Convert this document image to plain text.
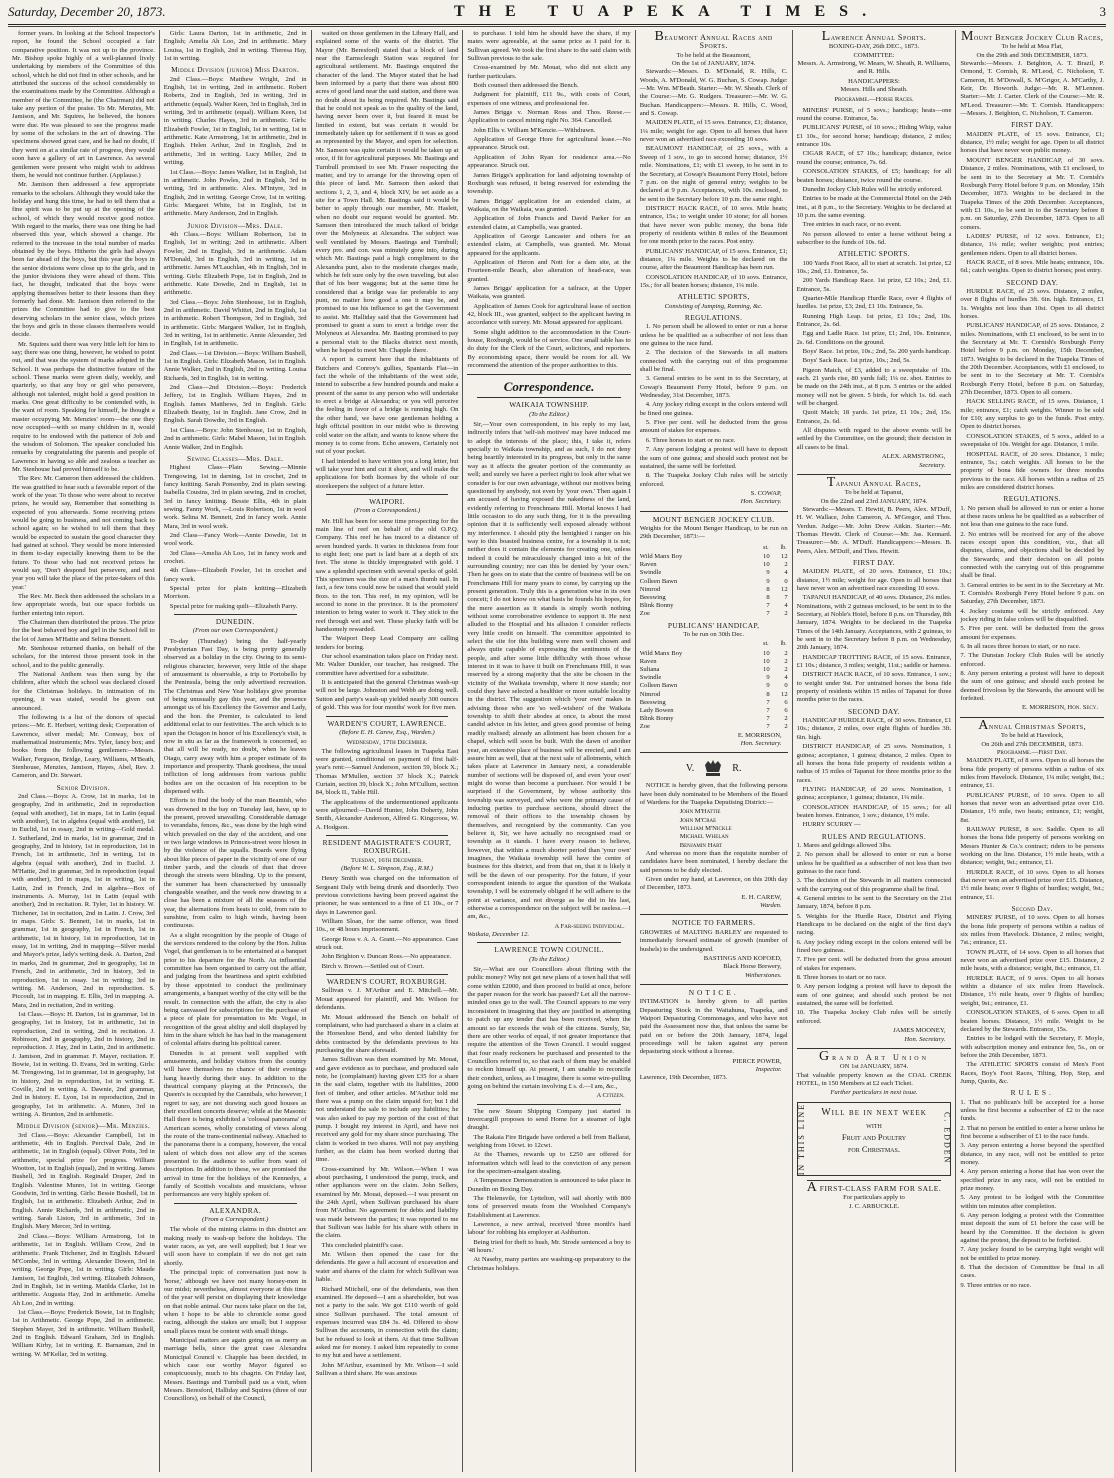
Saturday, December 20, 1873.	THE TUAPEKA TIMES.	3

former years. In looking at the School Inspector's report, he found the School occupied a fair comparative position. It was not up to the province. Mr. Bishop spoke highly of a well-planned lively undertaking by members of the Committee of this school, which he did not find in other schools, and he attributed the success of the school considerably to the examinations made by the Committee. Although a member of the Committee, he (the Chairman) did not take any portion of the praise. To Mr. Menzies, Mr. Jamison, and Mr. Squires, he believed, the honors were due. He was pleased to see the progress made by some of the scholars in the art of drawing. The specimens showed great care, and he had no doubt, if they went on at a similar rate of progress, they would soon have a gallery of art in Lawrence. As several gentlemen were present who might wish to address them, he would not continue further. (Applause.)

Mr. Jamison then addressed a few appropriate remarks to the scholars. Although they would take the holiday and hung this time, he had to tell them that a fine spirit was to be put up at the opening of the school, of which they would receive good notice. With regard to the marks, there was one thing he had observed this year, which showed a change. He referred to the increase in the total number of marks obtained by the boys. Hitherto the girls had always been far ahead of the boys, but this year the boys in the senior divisions were close up to the girls, and in the junior divisions they were ahead of them. This fact, he thought, indicated that the boys were applying themselves better to their lessons than they formerly had done. Mr. Jamison then referred to the prizes the Committee had to give to the best deserving scholars in the senior class, which prizes the boys and girls in those classes themselves would decide.

Mr. Squires said there was very little left for him to say; there was one thing, however, he wished to point out, and that was the system of marks adopted in the School. It was perhaps the distinctive feature of the school. These marks were given daily, weekly, and quarterly, so that any boy or girl who persevere, although not talented, might hold a good position in marks. One great difficulty to be contended with, is the want of room. Speaking for himself, he thought a master occupying Mr. Menzies' room—the one they now occupied—with so many children in it, would require to be endowed with the patience of Job and the wisdom of Solomon. The speaker concluded his remarks by congratulating the parents and people of Lawrence in having so able and zealous a teacher as Mr. Stenhouse had proved himself to be.

The Rev. Mr. Cameron then addressed the children. He was gratified to hear such a favorable report of the work of the year. To those who were about to receive prizes, he would say, Remember that something is expected of you afterwards. Some receiving prizes would be going to business, and not coming back to school again; so he wished to tell them that they would be expected to sustain the good character they had gained at school. They would be more interested in them to-day especially knowing them to be the future. To those who had not received prizes he would say, 'Don't despond but persevere, and next year you will take the place of the prize-takers of this year.'

The Rev. Mr. Beck then addressed the scholars in a few appropriate words, but our space forbids us further entering into report.

The Chairman then distributed the prizes. The prize for the best behaved boy and girl in the School fell to the lot of James M'Hattie and Selina Bonnett.

Mr. Stenhouse returned thanks, on behalf of the scholars, for the interest those present took in the school, and to the public generally.

The National Anthem was then sung by the children, after which the school was declared closed for the Christmas holidays. In intimation of its opening, it was stated, would be given out announced.

The following is a list of the donors of special prizes:—Mr. E. Herbert, writing desk; Corporation of Lawrence, silver medal; Mr. Conway, box of mathematical instruments; Mrs. Tyler, fancy box; and books from the following gentlemen:—Messrs. Walker, Ferguson, Bridge, Leary, Williams, M'Beath, Stenhouse, Menzies, Jamison, Hayes, Abel, Rev. J. Cameron, and Dr. Stewart.

Senior Division.

2nd Class.—Boys: A. Crow, 1st in marks, 1st in geography, 2nd in arithmetic, 2nd in reproduction (equal with another), 1st in maps, 1st in Latin (equal with another), 1st in algebra (equal with another), 1st in Euclid, 1st in essay, 2nd in writing—Gold medal. J. Sutherland, 2nd in marks, 1st in grammar, 2nd in geography, 2nd in history, 1st in reproduction, 1st in French, 1st in arithmetic, 3rd in writing, 1st in algebra (equal with another), 2nd in Euclid. J. M'Hattie, 2nd in grammar, 3rd in reproduction (equal with another), 3rd in maps, 1st in writing, 1st in Latin, 2nd in French, 2nd in algebra—Box of instruments. A. Murray, 1st in Latin (equal with another), 2nd in recitation. R. Tyler, 1st in history. W. Titchener, 1st in recitation, 2nd in Latin. J. Crow, 3rd in maps. Girls: S. Bennett, 1st in marks, 1st in grammar, 1st in geography, 1st in French, 1st in arithmetic, 1st in history, 1st in reproduction, 1st in essay, 1st in writing, 2nd in mapping—Silver medal and Mayor's prize, lady's writing desk. A. Darton, 2nd in marks, 2nd in grammar, 2nd in geography, 1st in French, 2nd in arithmetic, 3rd in history, 3rd in reproduction, 1st in essay. 1st in writing; 3rd in writing. M. Anderson, 2nd in reproduction. S. Piccoult, 1st in mapping. E. Ellis, 3rd in mapping. A. Mara, 2nd in recitation, 2nd in writing.

1st Class.—Boys: H. Darton, 1st in grammar, 1st in geography, 1st in history, 1st in arithmetic, 1st in reproduction, 2nd in writing, 2nd in recitation. J. Robinson, 2nd in geography, 2nd in history, 2nd in reproduction. J. Hay, 2nd in Latin, 2nd in arithmetic. J. Jamison, 2nd in grammar. F. Mayer, recitation. F. Bowie, 1st in writing. D. Evans, 3rd in writing. Girls: M. Trengowing, 1st in grammar, 1st in geography, 1st in history, 2nd in reproduction, 1st in writing. E. Coville, 2nd in writing. A. Dawnie, 2nd grammar, 2nd in history. E. Lyon, 1st in reproduction, 2nd in geography, 1st in arithmetic. A. Munro, 3rd in writing. A. Brunton, 2nd in arithmetic.

Middle Division (senior)—Mr. Menzies.

3rd Class.—Boys: Alexander Campbell, 1st in arithmetic, 4th in English. Percival Dale, 2nd in arithmetic, 1st in English (equal). Oliver Potts, 3rd in arithmetic, special prize for progress. William Wootton, 1st in English (equal), 2nd in writing. James Bushell, 3rd in English. Reginald Draper, 2nd in English. Valentine Munro, 1st in writing. George Goodwin, 3rd in writing. Girls: Bessie Bushell, 1st in English, 1st in arithmetic. Elizabeth Arthur, 2nd in English. Annie Richards, 3rd in arithmetic, 2nd in writing. Sarah Liston, 3rd in arithmetic, 3rd in English. Mary Mercer, 3rd in writing.

2nd Class.—Boys: William Armstrong, 1st in arithmetic, 1st in English. William Crow, 2nd in arithmetic. Frank Titchener, 2nd in English. Edward M'Combe, 3rd in writing. Alexander Dowen, 3rd in writing. George Pope, 1st in writing. Girls: Maude Jamison, 1st English, 3rd writing. Elizabeth Johnson, 2nd in English, 1st in writing. Matilda Clarke, 1st in arithmetic. Augusta Hay, 2nd in arithmetic. Amelia Ah Loo, 2nd in writing.

1st Class.—Boys: Frederick Bowie, 1st in English; 1st in Arithmetic. George Pope, 2nd in arithmetic. Stephen Mayer, 3rd in arithmetic. William Bushell, 2nd in English. Edward Graham, 3rd in English. William Kirby, 1st in writing. E. Barnaman, 2nd in writing. W. M'Kellar, 3rd in writing.

Girls: Laura Darton, 1st in arithmetic, 2nd in English; Amelia Ah Loo, 2nd in arithmetic. Mary Louisa, 1st in English, 2nd in writing. Theresa Hay, 1st in writing.

Middle Division (junior) Miss Darton.

2nd Class.—Boys: Matthew Wright, 2nd in English, 1st in writing, 2nd in arithmetic. Robert Roberts, 2nd in English, 3rd in writing, 3rd in arithmetic (equal). Walter Keen, 3rd in English, 3rd in writing, 3rd in arithmetic (equal). William Keen, 1st in writing. Charles Hayes, 3rd in arithmetic. Girls: Elizabeth Fowler, 1st in English, 1st in writing, 1st in arithmetic. Kate Armstrong, 1st in arithmetic, 2nd in English. Helen Arthur, 2nd in English, 2nd in arithmetic, 3rd in writing. Lucy Miller, 2nd in writing.

1st Class.—Boys: James Walker, 1st in English, 1st in arithmetic. John Powles, 2nd in English, 3rd in writing, 3rd in arithmetic. Alex. M'Intyre, 3rd in English, 2nd in writing. George Crow, 1st in writing. Girls: Margaret White, 1st in English, 1st in arithmetic. Mary Anderson, 2nd in English.

Junior Division—Mrs. Dale.

4th Class.—Boys: William Robertson, 1st in English, 1st in writing; 2nd in arithmetic. Albert Fowler, 2nd in English, 3rd in arithmetic. Adam M'Donald, 3rd in English, 3rd in writing, 1st in arithmetic. James M'Lauchlan, 4th in English, 3rd in writing. Girls: Elizabeth Pope, 1st in English, 2nd in arithmetic. Kate Dowdie, 2nd in English, 1st in arithmetic.

3rd Class.—Boys: John Stenhouse, 1st in English, 2nd in arithmetic. David Whittet, 2nd in English, 1st in arithmetic. Robert Thompson, 3rd in English, 3rd in arithmetic. Girls: Margaret Walker, 1st in English, 3rd in writing, 1st in arithmetic. Annie Alexander, 3rd in English, 1st in arithmetic.

2nd Class.—1st Division.—Boys: William Bushell, 1st in English. Girls: Elizabeth Mason, 1st in English. Annie Walker, 2nd in English, 2nd in writing. Louisa Richards, 3rd in English, 1st in writing.

2nd Class—2nd Division.—Boys: Frederick Jeffery, 1st in English. William Hayes, 2nd in English. James Matthews, 3rd in English. Girls: Elizabeth Beatty, 1st in English. Jane Crow, 2nd in English. Sarah Dowdie, 3rd in English.

1st Class.—Boys: John Stenhouse, 1st in English, 2nd in arithmetic. Girls: Mabel Mason, 1st in English. Annie Walker, 2nd in English.

Sewing Classes—Mrs. Dale.

Highest Class—Plain Sewing.—Minnie Trengowing, 1st in darning, 1st in crochet, 2nd in fancy knitting. Sarah Ponsonby, 2nd in plain sewing. Isabella Cousins, 3rd in plain sewing, 2nd in crochet, 3rd in fancy knitting. Bessie Ellis, 4th in plain sewing. Fanny Work, —Louis Robertson, 1st in wool work. Selina M. Bennett, 2nd in fancy work. Annie Mara, 3rd in wool work.

2nd Class—Fancy Work—Annie Dowdie, 1st in wool work.

3rd Class—Amelia Ah Loo, 1st in fancy work and crochet.

4th Class—Elizabeth Fowler, 1st in crochet and fancy work.

Special prize for plain knitting—Elizabeth Morrison.

Special prize for making quilt—Elizabeth Parry.

DUNEDIN.
(From our own Correspondent.)

To-day (Thursday) being the half-yearly Presbyterian Fast Day, is being pretty generally observed as a holiday in the city. Owing to its semi-religious character, however, very little of the shape of amusement is observable, a trip to Portobello by the Peninsula, being the only advertised recreation. The Christmas and New Year holidays give promise of being unusually gay this year, and the presence amongst us of his Excellency the Governor and Lady, and the hon. the Premier, is calculated to lend additional eclat to our festivities. The arch which is to span the Octagon in honor of his Excellency's visit, is now in situ as far as the framework is concerned, so that all will be ready, no doubt, when he leaves Otago, carry away with him a proper estimate of its importance and prosperity. Thank goodness, the usual infliction of long addresses from various public bodies are on the occasion of his reception to be dispensed with.

Efforts to find the body of the man Beamish, who was drowned in the bay on Tuesday last, have, up to the present, proved unavailing. Considerable damage to verandahs, fences, &c., was done by the high wind which prevailed on the day of the accident, and one or two large windows in Princes-street were blown in by the violence of the squalls. Boards were flying about like pieces of paper in the vicinity of one of our timber yards, and the clouds of dust that drove through the streets were blinding. Up to the present, the summer has been characterised by unusually changeable weather, and the week now drawing to a close has been a mixture of all the seasons of the year, the alternations from heats to cold, from rain to sunshine, from calm to high winds, having been continuous.

As a slight recognition by the people of Otago of the services rendered to the colony by the Hon. Julius Vogel, that gentleman is to be entertained at a banquet prior to his departure for the North. An influential committee has been organised to carry out the affair, and judging from the heartiness and spirit exhibited by those appointed to conduct the preliminary arrangements, a banquet worthy of the city will be the result. In connection with the affair, the city is also being canvassed for subscriptions for the purchase of a piece of plate for presentation to Mr. Vogel, in recognition of the great ability and skill displayed by him in the share which he has had in the management of colonial affairs during his political career.

Dunedin is at present well supplied with amusements, and holiday visitors from the country will have themselves no chance of their evenings hang heavily during their stay. In addition to the theatrical company playing at the Princess's, the Queen's is occupied by the Cannibals, who however, I regret to say, are not drawing such good houses as their excellent concerts deserve; while at the Masonic Hall there is being exhibited a 'colossal panorama' of American scenes, wholly consisting of views along the route of the trans-continental railway. Attached to the panorama there is a company, however, the vocal talent of which does not allow any of the scenes presented to the audience to suffer from want of description. In addition to these, we are promised the arrival in time for the holidays of the Kennedys, a family of Scottish vocalists and musicians, whose performances are very highly spoken of.

ALEXANDRA.
(From a Correspondent.)

The whole of the mining claims in this district are making ready to wash-up before the holidays. The water races, as yet, are well supplied; but I fear we will soon have to complain if we do not get rain shortly.

The principal topic of conversation just now is 'horse,' although we have not many horsey-men in our midst; nevertheless, almost everyone at this time of the year will persist on displaying their knowledge on that noble animal. Our races take place on the 1st, when I hope to be able to chronicle some good racing, although the stakes are small; but I suppose small places must be content with small things.

Municipal matters are again going on as merry as marriage bells, since the great case Alexandra Municipal Council v. Chapple has been decided, in which case our worthy Mayor figured so conspicuously, much to his chagrin. On Friday last, Messrs. Bastings and Turnbull paid us a visit, when Messrs. Beresford, Halliday and Squires (three of our Councillors), on behalf of the Council,

waited on those gentlemen in the Library Hall, and explained some of the wants of the district. The Mayor (Mr. Beresford) stated that a block of land near the Earnscleugh Station was required for agricultural settlement. Mr. Bastings enquired the character of the land. The Mayor stated that he had been informed by a party that there was about 800 acres of good land near the said station, and there was no doubt about its being required. Mr. Bastings said that he could not speak as to the quality of the land, having never been over it, but feared it must be limited in extent, but was certain it would be immediately taken up for settlement if it was as good as represented by the Mayor, and open for selection. Mr. Samson was quite certain it would be taken up at once, if fit for agricultural purposes. Mr. Bastings and Turnbull promised to see Mr. Fraser respecting the matter, and try to arrange for the throwing open of this piece of land. Mr. Samson then asked that sections 1, 2, 3, and 4, block XIV, be set aside as a site for a Town Hall. Mr. Bastings said it would be better to apply through our member, Mr. Haslett, when no doubt our request would be granted. Mr. Samson then introduced the much talked of bridge over the Molyneux at Alexandra. The subject was well ventilated by Messrs. Bastings and Turnbull; every pro. and con. was minutely gone into, during which Mr. Bastings paid a high compliment to the Alexandra punt, also to the moderate charges made, which he felt sure only by the own traveling, but also that of his beer waggons; but at the same time he considered that a bridge was far preferable to any punt, no matter how good a one it may be, and promised to use his influence to get the Government to assist. Mr. Halliday said that the Government had promised to grant a sum to erect a bridge over the Molyneux at Alexandra. Mr. Basting promised to pay a personal visit to the Blacks district next month, when he hoped to meet Mr. Chapple there.

A report is current here that the inhabitants of Butchers and Conroy's gullies, Spaniards Flat—in fact the whole of the inhabitants of the west side, intend to subscribe a few hundred pounds and make a present of the same to any person who will undertake to erect a bridge at Alexandra; or you will perceive the feeling in favor of a bridge is running high. On the other hand, we have one gentleman holding a high official position in our midst who is throwing cold water on the affair, and wants to know where the money is to come from. Echo answers, Certainly not out of your pocket.

I had intended to have written you a long letter, but will take your hint and cut it short, and will make the applications for both licenses by the whole of our storekeepers the subject of a future letter.

WAIPORI.
(From a Correspondent.)

Mr. Hill has been for some time prospecting for the main line of reef on behalf of the old O.P.Q. Company. This reef he has traced to a distance of seven hundred yards. It varies in thickness from four to eight feet; one part is laid bare at a depth of six feet. The stone is thickly impregnated with gold. I saw a splendid specimen with several specks of gold. This specimen was the size of a man's thumb nail. In fact, a few tons could now be raised that would yield 8ozs. to the ton. This reef, in my opinion, will be second to none in the province. It is the promoters' intention to bring water to work it. They stick to the reef through wet and wet. These plucky faith will be handsomely rewarded.

The Waipori Deep Lead Company are calling tenders for boring.

Our school examination takes place on Friday next. Mr. Walter Dunkler, our teacher, has resigned. The committee have advertised for a substitute.

It is anticipated that the general Christmas wash-up will not be large. Johnston and Webb are doing well. Sutton and party's wash-up yielded nearly 300 ounces of gold. This was for four months' work for five men.

WARDEN'S COURT, LAWRENCE.
(Before E. H. Carew, Esq., Warden.)
Wednesday, 17th December.

The following agricultural leases in Tuapeka East were granted, conditional on payment of first half-year's rent:—Samuel Anderson, section 59, block X.; Thomas M'Mullen, section 37 block X.; Patrick Curtain, section 39, block X.; John M'Cullum, section 84, block II., Table Hill.

The applications of the undermentioned applicants were adjourned:—David Hunter, John Doherty, John Smith, Alexander Anderson, Alfred G. Kingcroos, W. A. Hodgson.

RESIDENT MAGISTRATE'S COURT, ROXBURGH.
Tuesday, 16th December.
(Before W. L. Simpson, Esq., R.M.)

Henry Smith was charged on the information of Sergeant Daly with being drunk and disorderly. Two previous convictions having been proved against the prisoner, he was sentenced to a fine of £1 10s., or 7 days in Lawrence gaol.

William Sloan, for the same offence, was fined 10s., or 48 hours imprisonment.

George Ross v. A. A. Grant.—No appearance. Case struck out.

John Brighton v. Duncan Ross.—No appearance.

Birch v. Brown.—Settled out of Court.

WARDEN'S COURT, ROXBURGH.

Sullivan v. J. M'Arthur and E. Mitchell.—Mr. Mouat appeared for plaintiff, and Mr. Wilson for defendants.

Mr. Mouat addressed the Bench on behalf of complainant, who had purchased a share in a claim at the Horseshoe Bend, and who denied liability for debts contracted by the defendants previous to his purchasing the share aforesaid.

James Sullivan was then examined by Mr. Mouat, and gave evidence as to purchase, and produced sale note, he (complainant) having given £35 for a share in the said claim, together with its liabilities, 2000 feet of timber, and other articles. M'Arthur told me there was a pump on the claim unpaid for; but I did not understand the sale to include any liabilities; he was also asked to pay my portion of the cost of that pump. I bought my interest in April, and have not received any gold for my share since purchasing. The claim is worked in two shares. Will not pay anything further, as the claim has been worked during that time.

Cross-examined by Mr. Wilson.—When I was about purchasing, I understood the pump, truck, and other appliances were on the claim. John Sellers, examined by Mr. Mouat, deposed.—I was present on the 24th April, when Sullivan purchased his share from M'Arthur. No agreement for debts and liability was made between the parties; it was reported to me that Sullivan was liable for his share with others in the claim.

This concluded plaintiff's case.

Mr. Wilson then opened the case for the defendants. He gave a full account of excavation and water and shares of the claim for which Sullivan was liable.

Richard Mitchell, one of the defendants, was then examined. He deposed—I am a shareholder, but was not a party to the sale. We got £110 worth of gold since Sullivan purchased. The total amount of expenses incurred was £84 3s. 4d. Offered to show Sullivan the accounts, in connection with the claim; but he refused to look at them. At that time Sullivan asked me for money. I asked him repeatedly to come to my hut and have a settlement.

John M'Arthur, examined by Mr. Wilson—I sold Sullivan a third share. He was anxious

to purchase. I told him he should have the share, if my mates were agreeable, at the same price as I paid for it. Sullivan agreed. We took the first share to the said claim with Sullivan previous to the sale.

Cross-examined by Mr. Mouat, who did not elicit any further particulars.

Both counsel then addressed the Bench.

Judgment for plaintiff, £11 9s., with costs of Court, expenses of one witness, and professional fee.

James Briggs v. Norman Ross and Thos. Reese.—Application to cancel mining right No. 364. Cancelled.

John Ellis v. William M'Kenzie.—Withdrawn.

Application of George Hore for agricultural lease.—No appearance. Struck out.

Application of John Ryan for residence area.—No appearance. Struck out.

James Briggs's application for land adjoining township of Roxburgh was refused, it being reserved for extending the township.

James Briggs' application for an extended claim, at Waikaia, on the Waikaia, was granted.

Application of John Francis and David Parker for an extended claim, at Campbells, was granted.

Application of George Lancaster and others for an extended claim, at Campbells, was granted. Mr. Mouat appeared for the applicants.

Application of Heron and Nott for a dam site, at the Fourteen-mile Beach, also alteration of head-race, was granted.

James Briggs' application for a tailrace, at the Upper Waikaia, was granted.

Application of James Cook for agricultural lease of section 42, block III., was granted, subject to the applicant having in accordance with survey. Mr. Mouat appeared for applicant.

Some slight addition to the accommodation in the Court-house, Roxburgh, would be of service. One small table has to do duty for the Clerk of the Court, solicitors, and reporters. By economising space, there would be room for all. We recommend the attention of the proper authorities to this.

Correspondence.
WAIKAIA TOWNSHIP.
(To the Editor.)

Sir,—Your own correspondent, in his reply to my last, indirectly infers that 'self-ish motives' may have induced me to adopt the interests of the place; this, I take it, refers specially to Waikaia township, and as such, I do not deny being heartily interested in its progress, but only in the same way as it affects the greater portion of the community as well; and surely we have a perfect right to look after what we consider is for our own advantage, without our motives being questioned by anybody, not even by 'your own.' Then again I am accused of having exposed the nakedness of the land, evidently referring to Frenchmans Hill. Mortal knows I had little occasion to do any such thing, for it is the prevailing opinion that it is sufficiently well exposed already without my interference. I should pity the benighted i ranger on his way to this boasted business centre, for a township it is not; neither does it contain the elements for creating one, unless indeed it could be miraculously changed into a bit of the surrounding country; nor can this be denied by 'your own.' Then he goes on to state that the centre of business will be on Frenchmans Hill for many years to come, by carrying up the present generation. Truly this is a generation wise in its own conceit; I do not know on what basis he founds his hopes, for the mere assertion as it stands is simply worth nothing without some corroborative evidence to support it. He next alluded to the Hospital and his allusion I consider reflects very little credit on himself. The committee appointed to select the site for this building were men well chosen and always quite capable of expressing the sentiments of the people, and after some little difficulty with those whose interest in it was to have it built on Frenchmans Hill, it was reserved by a strong majority that the site be chosen in the vicinity of the Waikaia township, where it now stands; nor could they have selected a healthier or more suitable locality in the district. The suggestion which 'your own' makes in advising those who are 'so well-wishers' of the Waikaia township to shift their abodes at once, is about the most candid advice in his letter, and gives good promise of being readily realised; already an allotment has been chosen for a chapel, which will soon be built. With the dawn of another year, an extensive place of business will be erected, and I am assure him as well, that at the next sale of allotments, which takes place at Lawrence in January next, a considerable number of sections will be disposed of, and even 'your own' might do worse than become a purchaser. Nor would I be surprised if the Government, by whose authority this township was surveyed, and who were the primary cause of inducing parties to purchase sections, should direct the removal of their offices to the township chosen by themselves, and recognised by the community. Can you believe it, Sir, we have actually no recognised road or township as it stands. I have every reason to believe, however, that within a much shorter period than 'your own' imagines, the Waikaia township will have the centre of business for this district, and from that on, that it is likely it will be the dawn of our prosperity. For the future, if your correspondent intends to argue the question of the Waikaia township, I will be extremely obliged if he will adhere to the point at variance, and not diverge as he did in his last, otherwise a correspondence on the subject will be useless.—I am, &c.,

A Far-seeing Individual.
Waikaia, December 12.
LAWRENCE TOWN COUNCIL.
(To the Editor.)

Sir,—What are our Councillors about flirting with the public money? Why not get new plans of a town hall that will come within £2000, and then proceed to build at once, before the paper reason for the work has passed? Let all the narrow-minded ones go to the wall. The Council appears to me very inconsistent in imagining that they are justified in attempting to patch up any tender that has been received, when the amount so far exceeds the wish of the citizens. Surely, Sir, there are other works of equal, if not greater importance that require the attention of the Town Council. I would suggest that four ready reckoners be purchased and presented to the Councillors referred to, so that each of them may be enabled to reckon himself up. At present, I am unable to reconcile their conduct, unless, as I imagine, there is some wire-pulling going on behind the curtain involving £ s. d.—I am, &c.,

A Citizen.

The new Steam Shipping Company just started in Invercargill proposes to send Home for a steamer of light draught.

The Rakaia Fire Brigade have ordered a bell from Ballarat, weighing from 10cwt. to 12cwt.

At the Thames, rewards up to £250 are offered for information which will lead to the conviction of any person for the specimen-amalgam stealing.

A Temperance Demonstration is announced to take place in Dunedin on Boxing Day.

The Helensvile, for Lyttelton, will sail shortly with 800 tons of preserved meats from the Woolshed Company's Establishment at Lawrence.

Lawrence, a new arrival, received 'three month's hard labour' for robbing his employer at Ashburton.

Being tried for theft to hush, Mr. Strode sentenced a boy to '48 hours.'

At Naseby, many parties are washing-up preparatory to the Christmas holidays.

Beaumont Annual Races and Sports.
To be held at the Beaumont,
On the 1st of JANUARY, 1874.

Stewards:—Messrs. D. M'Donald, R. Hills, C. Woods, A. M'Donald, W. G. Buchan, S. Cowap. Judge:—Mr. Wm. M'Beath. Starter:—Mr. W. Sheath. Clerk of the Course:—Mr. G. Rudgers. Treasurer:—Mr. W. G. Buchan. Handicappers:—Messrs. R. Hills, C. Wood, and S. Cowap.

MAIDEN PLATE, of 15 sovs. Entrance, £1; distance, 1¼ mile; weight for age. Open to all horses that have never won an advertised race exceeding 10 sovs.

BEAUMONT HANDICAP, of 25 sovs., with a Sweep of 1 sov., to go to second horse; distance, 1½ mile. Nominations, £1; with £1 sweep, to be sent in to the Secretary, at Cowap's Beaumont Ferry Hotel, before 7 p.m. on the night of general entry; weights to be declared at 9 p.m. Acceptances, with 10s. enclosed, to be sent to the Secretary before 10 p.m. the same night.

DISTRICT HACK RACE, of 10 sovs. Mile heats; entrance, 15s.; to weight under 10 stone; for all horses that have never won public money, the bona fide property of residents within 8 miles of the Beaumont for one month prior to the races. Post entry.

PUBLICANS' HANDICAP, of 15 sovs. Entrance, £1; distance, 1¼ mile. Weights to be declared on the course, after the Beaumont Handicap has been run.

CONSOLATION HANDICAP, of 10 sovs. Entrance, 15s.; for all beaten horses; distance, 1¼ mile.

ATHLETIC SPORTS,
Consisting of Jumping, Running, &c.
REGULATIONS.

1. No person shall be allowed to enter or run a horse unless he be qualified as a subscriber of not less than one guinea to the race fund.

2. The decision of the Stewards in all matters connected with the carrying out of this programme shall be final.

3. General entries to be sent in to the Secretary, at Cowap's Beaumont Ferry Hotel, before 9 p.m. on Wednesday, 31st December, 1873.

4. Any jockey riding except in the colors entered will be fined one guinea.

5. Five per cent. will be deducted from the gross amount of stakes for expenses.

6. Three horses to start or no race.

7. Any person lodging a protest will have to deposit the sum of one guinea; and should such protest not be sustained, the same will be forfeited.

8. The Tuapeka Jockey Club rules will be strictly enforced.

S. COWAP,
Hon. Secretary.
MOUNT BENGER JOCKEY CLUB.

Weights for the Mount Benger Handicap, to be run on 29th December, 1873:—

	st.	lb.
Wild Manx Boy	10	12
Raven	10	2
Swindle	9	4
Colleen Bawn	9	0
Nimrod	8	12
Beeswing	8	7
Blink Bonny	7	4
Zoe	7	2
PUBLICANS' HANDICAP,
To be run on 30th Dec.
	st.	lb.
Wild Manx Boy	10	2
Raven	10	2
Sultana	10	2
Swindle	9	4
Colleen Bawn	9	0
Nimrod	8	12
Beeswing	7	6
Lady Bowen	7	6
Blink Bonny	7	2
Zoe	7	2
E. MORRISON,
Hon. Secretary.
V.	R.

NOTICE is hereby given, that the following persons have been duly nominated to be Members of the Board of Wardens for the Tuapeka Deputising District:—

John M'Hattie
John M'Crae
William M'Nickle
Michael Whelan
Benjamin Hart

And whereas no more than the requisite number of candidates have been nominated, I hereby declare the said persons to be duly elected.

Given under my hand, at Lawrence, on this 20th day of December, 1873.

E. H. CAREW,
Warden.
NOTICE TO FARMERS.

GROWERS of MALTING BARLEY are requested to immediately forward estimate of growth (number of bushels) to the undersigned.

BASTINGS AND KOFOED,
Black Horse Brewery,
Wetherstones.
NOTICE.

INTIMATION is hereby given to all parties Depasturing Stock in the Waitahuna, Tuapeka, and Waipori Depasturing Commonages, and who have not paid the Assessment now due, that unless the same be paid on or before the 20th January, 1874, legal proceedings will be taken against any person depasturing stock without a license.

PIERCE POWER,
Inspector.
Lawrence, 19th December, 1873.
Lawrence Annual Sports.
BOXING-DAY, 26th DEC., 1873.
COMMITTEE:

Messrs. A. Armstrong, W. Mears, W. Sheath, R. Williams, and R. Hills.

HANDICAPPERS:
Messrs. Hills and Sheath.
Programme.—Horse Races.

MINERS' PURSE, of 5 sovs.; handicap; heats—one round the course. Entrance, 5s.

PUBLICANS' PURSE, of 10 sovs.; Hiding Whip, value £1 10s., for second horse; handicap; distance, 2 miles; entrance 10s.

CIGAR RACE, of £7 10s.; handicap; distance, twice round the course; entrance, 7s. 6d.

CONSOLATION STAKES, of £5; handicap; for all beaten horses; distance, twice round the course.

Dunedin Jockey Club Rules will be strictly enforced.

Entries to be made at the Commercial Hotel on the 24th inst., at 8 p.m., to the Secretary. Weights to be declared at 10 p.m. the same evening.

Tree entries in each race, or no event.

No person allowed to enter a horse without being a subscriber to the funds of 10s. 6d.

ATHLETIC SPORTS.

100 Yards Foot Race, all to start at scratch. 1st prize, £2 10s.; 2nd, £1. Entrance, 5s.

200 Yards Handicap Race. 1st prize, £2 10s.; 2nd, £1. Entrance, 5s.

Quarter-Mile Handicap Hurdle Race, over 4 flights of hurdles. 1st prize, £3; 2nd, £1 10s. Entrance, 5s.

Running High Leap. 1st prize, £1 10s.; 2nd, 10s. Entrance, 2s. 6d.

Egg and Ladle Race. 1st prize, £1; 2nd, 10s. Entrance, 2s. 6d. Conditions on the ground.

Boys' Race. 1st prize, 10s.; 2nd, 5s. 200 yards handicap.

Boys' Sack Race. 1st prize, 10s.; 2nd, 5s.

Pigeon Match, of £3, added to a sweepstake of 10s. each. 21 yards rise, 80 yards fall; 1¼ oz. shot. Entries to be made on the 24th inst., at 8 p.m. 3 entries or the added money will not be given. 5 birds, for which 1s. 6d. each will be charged.

Quoit Match; 18 yards. 1st prize, £1 10s.; 2nd, 15s. Entrance, 2s. 6d.

All disputes with regard to the above events will be settled by the Committee, on the ground; their decision in all cases to be final.

ALEX. ARMSTRONG,
Secretary.
Tapanui Annual Races,
To be held at Tapanui,
On the 22nd and 23rd JANUARY, 1874.

Stewards:—Messrs. T. Hewitt, B. Peers, Alex. M'Duff, H. W. Wallace, John Cameron, A. M'Gregor, and Thos. Verdun. Judge:—Mr. John Drew Aitkin. Starter:—Mr. Thomas Hewitt. Clerk of Course:—Mr. Jas. Kennard. Treasurer:—Mr. A. M'Duff. Handicappers:—Messrs. B. Peers, Alex. M'Duff, and Thos. Hewitt.

FIRST DAY.

MAIDEN PLATE, of 20 sovs. Entrance, £1 10s.; distance, 1½ mile; weight for age. Open to all horses that have never won an advertised race exceeding 10 sovs.

TAPANUI HANDICAP, of 40 sovs. Distance, 2¼ miles. Nominations, with 2 guineas enclosed, to be sent in to the Secretary, at Noble's Hotel, before 8 p.m. on Thursday, 8th January, 1874. Weights to be declared in the Tuapeka Times of the 14th January. Acceptances, with 2 guineas, to be sent in to the Secretary before 8 p.m. on Wednesday, 20th January, 1874.

HANDICAP TROTTING RACE, of 15 sovs. Entrance, £1 10s.; distance, 3 miles; weight, 11st.; saddle or harness.

DISTRICT HACK RACE, of 10 sovs. Entrance, 1 sov.; to weight under 9st. For untrained horses the bona fide property of residents within 15 miles of Tapanui for three months prior to the races.

SECOND DAY.

HANDICAP HURDLE RACE, of 30 sovs. Entrance, £1 10s.; distance, 2 miles, over eight flights of hurdles 3ft. 6in. high.

DISTRICT HANDICAP, of 25 sovs. Nomination, 1 guinea; acceptance, 1 guinea; distance, 2 miles. Open to all horses the bona fide property of residents within a radius of 15 miles of Tapanui for three months prior to the races.

FLYING HANDICAP, of 20 sovs. Nomination, 1 guinea; acceptance, 1 guinea; distance, 1¼ mile.

CONSOLATION HANDICAP, of 15 sovs.; for all beaten horses. Entrance, 1 sov.; distance, 1½ mile.

HURRY SCURRY —

RULES AND REGULATIONS.

1. Mares and geldings allowed 3lbs.

2. No person shall be allowed to enter or run a horse unless he be qualified as a subscriber of not less than two guineas to the race fund.

3. The decision of the Stewards in all matters connected with the carrying out of this programme shall be final.

4. General entries to be sent to the Secretary on the 21st January, 1874, before 8 p.m.

5. Weights for the Hurdle Race, District and Flying Handicaps to be declared on the night of the first day's racing.

6. Any jockey riding except in the colors entered will be fined two guineas.

7. Five per cent. will be deducted from the gross amount of stakes for expenses.

8. Three horses to start or no race.

9. Any person lodging a protest will have to deposit the sum of one guinea; and should such protest be not sustained, the same will be forfeited.

10. The Tuapeka Jockey Club rules will be strictly enforced.

JAMES MOONEY,
Hon. Secretary.
Grand Art Union
ON 1st JANUARY, 1874.

That valuable property known as the COAL CREEK HOTEL, in 150 Members at £2 each Ticket.

Further particulars in next issue.

IN THIS LINE	Will be in next week
with
Fruit and Poultry
for Christmas.	C. EDDEN
A FIRST-CLASS FARM FOR SALE.
For particulars apply to
J. C. ARBUCKLE.
Mount Benger Jockey Club Races,
To be held at Moa Flat,
On the 29th and 30th DECEMBER, 1873.

Stewards:—Messrs. J. Beighton, A. T. Brazil, P. Ormond, T. Cornish, R. M'Leod, C. Nicholson, T. Cameron, H. M'Dowall, S. M'Grigor, A. M'Carthy, J. Keir, Dr. Howorth. Judge:—Mr. R. M'Lennon. Starter:—Mr. J. Carter. Clerk of the Course:—Mr. R. M'Leod. Treasurer:—Mr. T. Cornish. Handicappers:—Messrs. J. Beighton, C. Nicholson, T. Cameron.

FIRST DAY.

MAIDEN PLATE, of 15 sovs. Entrance, £1; distance, 1½ mile; weight for age. Open to all district horses that have never won public money.

MOUNT BENGER HANDICAP, of 30 sovs. Distance, 2 miles. Nominations, with £1 enclosed, to be sent in to the Secretary at Mr. T. Cornish's Roxburgh Ferry Hotel before 9 p.m. on Monday, 15th December, 1873. Weights to be declared in the Tuapeka Times of the 20th December. Acceptances, with £1 10s., to be sent in to the Secretary before 8 p.m. on Saturday, 27th December, 1873. Open to all comers.

LADIES' PURSE, of 12 sovs. Entrance, £1; distance, 1¼ mile; welter weights; post entries; gentlemen riders. Open to all district horses.

HACK RACE, of 8 sovs. Mile heats; entrance, 10s. 6d.; catch weights. Open to district horses; post entry.

SECOND DAY.

HURDLE RACE, of 25 sovs. Distance, 2 miles, over 8 flights of hurdles 3ft. 6in. high. Entrance, £1 1s. Weights not less than 10st. Open to all district horses.

PUBLICANS' HANDICAP, of 25 sovs. Distance, 2 miles. Nominations, with £1 enclosed, to be sent in to the Secretary at Mr. T. Cornish's Roxburgh Ferry Hotel before 9 p.m. on Monday, 15th December, 1873. Weights to be declared in the Tuapeka Times of the 20th December. Acceptances, with £1 enclosed, to be sent in to the Secretary at Mr. T. Cornish's Roxburgh Ferry Hotel, before 8 p.m. on Saturday, 27th December, 1873. Open to all comers.

HACK SELLING RACE, of 15 sovs. Distance, 1 mile; entrance, £1; catch weights. Winner to be sold for £10; any surplus to go to the funds. Post entry. Open to district horses.

CONSOLATION STAKES, of 5 sovs., added to a sweepstake of 10s. Weight for age. Distance, 1 mile.

HOSPITAL RACE, of 20 sovs. Distance, 1 mile; entrance, 5s.; catch weights. All horses to be the property of bona fide owners for three months previous to the race. All horses within a radius of 25 miles are considered district horses.

REGULATIONS.

1. No person shall be allowed to run or enter a horse at these races unless he be qualified as a subscriber of not less than one guinea to the race fund.

2. No entries will be received for any of the above races except upon this condition, viz., that all disputes, claims, and objections shall be decided by the Stewards; and their decision on all points connected with the carrying out of this programme shall be final.

3. General entries to be sent in to the Secretary at Mr. T. Cornish's Roxburgh Ferry Hotel before 9 p.m. on Saturday, 27th December, 1873.

4. Jockey costume will be strictly enforced. Any jockey riding in false colors will be disqualified.

5. Five per cent. will be deducted from the gross amount for expenses.

6. In all races three horses to start, or no race.

7. The Dunstan Jockey Club Rules will be strictly enforced.

8. Any person entering a protest will have to deposit the sum of one guinea; and should such protest be deemed frivolous by the Stewards, the amount will be forfeited.

E. MORRISON, Hon. Secy.
Annual Christmas Sports,
To be held at Havelock,
On 26th and 27th DECEMBER, 1873.
Programme.—First Day.

MAIDEN PLATE, of 8 sovs. Open to all horses the bona fide property of persons within a radius of six miles from Havelock. Distance, 1¼ mile; weight, 8st.; entrance, £1.

PUBLICANS' PURSE, of 10 sovs. Open to all horses that never won an advertised prize over £10. Distance, 1½ mile, two heats; entrance, £1; weight, 8st.

RAILWAY PURSE, 8 sov. Saddle. Open to all horses the bona fide property of persons working on Messrs Hunter & Co.'s contract; riders to be persons working on the line. Distance, 1½ mile heats, with a distance; weight, 9st.; entrance, £1.

HURDLE RACE, of 10 sovs. Open to all horses that never won an advertised prize over £15. Distance, 1½ mile heats; over 9 flights of hurdles; weight, 9st.; entrance, £1.

Second Day.

MINERS' PURSE, of 10 sovs. Open to all horses the bona fide property of persons within a radius of six miles from Havelock. Distance, 2 miles; weight, 7st.; entrance, £1.

TOWN PLATE, of 14 sovs. Open to all horses that never won an advertised prize over £15. Distance, 2 mile heats, with a distance; weight, 8st.; entrance, £1.

HURDLE RACE, of 9 sovs. Open to all horses within a distance of six miles from Havelock. Distance, 1½ mile heats, over 9 flights of hurdles; weight, 9st.; entrance, £1.

CONSOLATION STAKES, of 6 sovs. Open to all beaten horses. Distance, 1½ mile. Weight to be declared by the Stewards. Entrance, 15s.

Entries to be lodged with the Secretary, F. Moyle, with subscription money and entrance fee, 5s., on or before the 26th December, 1873.

The ATHLETIC SPORTS consist of Men's Foot Races, Boy's Foot Races, Tilting, Hop, Step, and Jump, Quoits, &c.

RULES.

1. That no publican's bill be accepted for a horse unless he first become a subscriber of £2 to the race funds.

2. That no person be entitled to enter a horse unless he first become a subscriber of £1 to the race funds.

3. Any person entering a horse beyond the specified distance, in any race, will not be entitled to prize money.

4. Any person entering a horse that has won over the specified prize in any race, will not be entitled to prize money.

5. Any protest to be lodged with the Committee within ten minutes after completion.

6. Any person lodging a protest with the Committee must deposit the sum of £1 before the case will be heard by the Committee. If the decision is given against the protest, the deposit to be forfeited.

7. Any jockey found to be carrying light weight will not be entitled to prize money.

8. That the decision of Committee be final in all cases.

9. Three entries or no race.
